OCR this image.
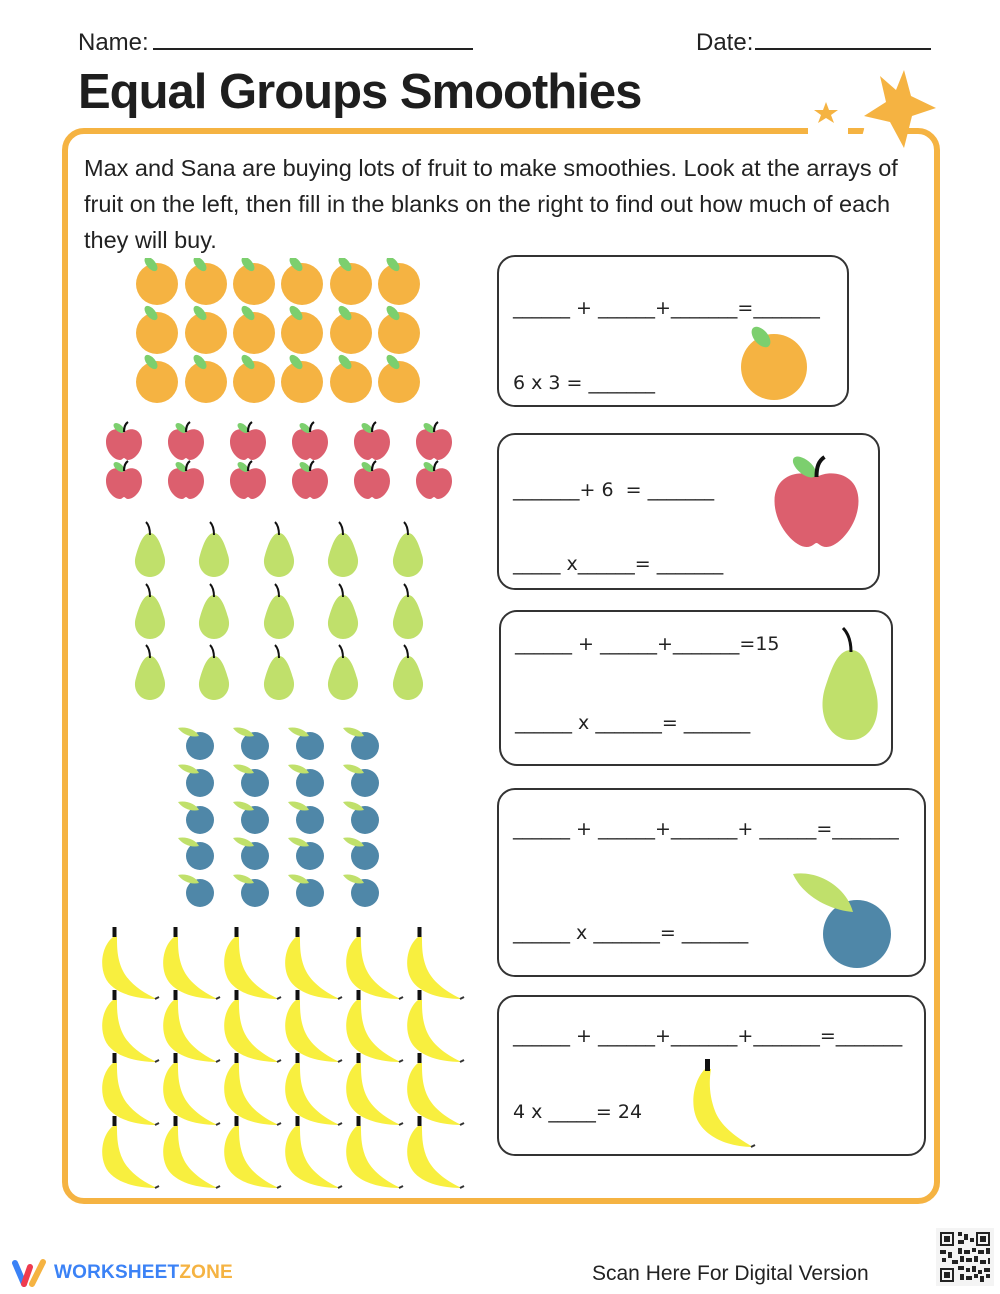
Name:	Date:
Equal Groups Smoothies

Max and Sana are buying lots of fruit to make smoothies. Look at the arrays of fruit on the left, then fill in the blanks on the right to find out how much of each they will buy.

______ + ______+_______=_______
6 x 3 = _______
_______+ 6  = _______
_____ x______= _______
______ + ______+_______=15
______ x _______= _______
______ + ______+_______+ ______=_______
______ x _______= _______
______ + ______+_______+_______=_______
4 x _____= 24
WORKSHEETZONE	Scan Here For Digital Version
